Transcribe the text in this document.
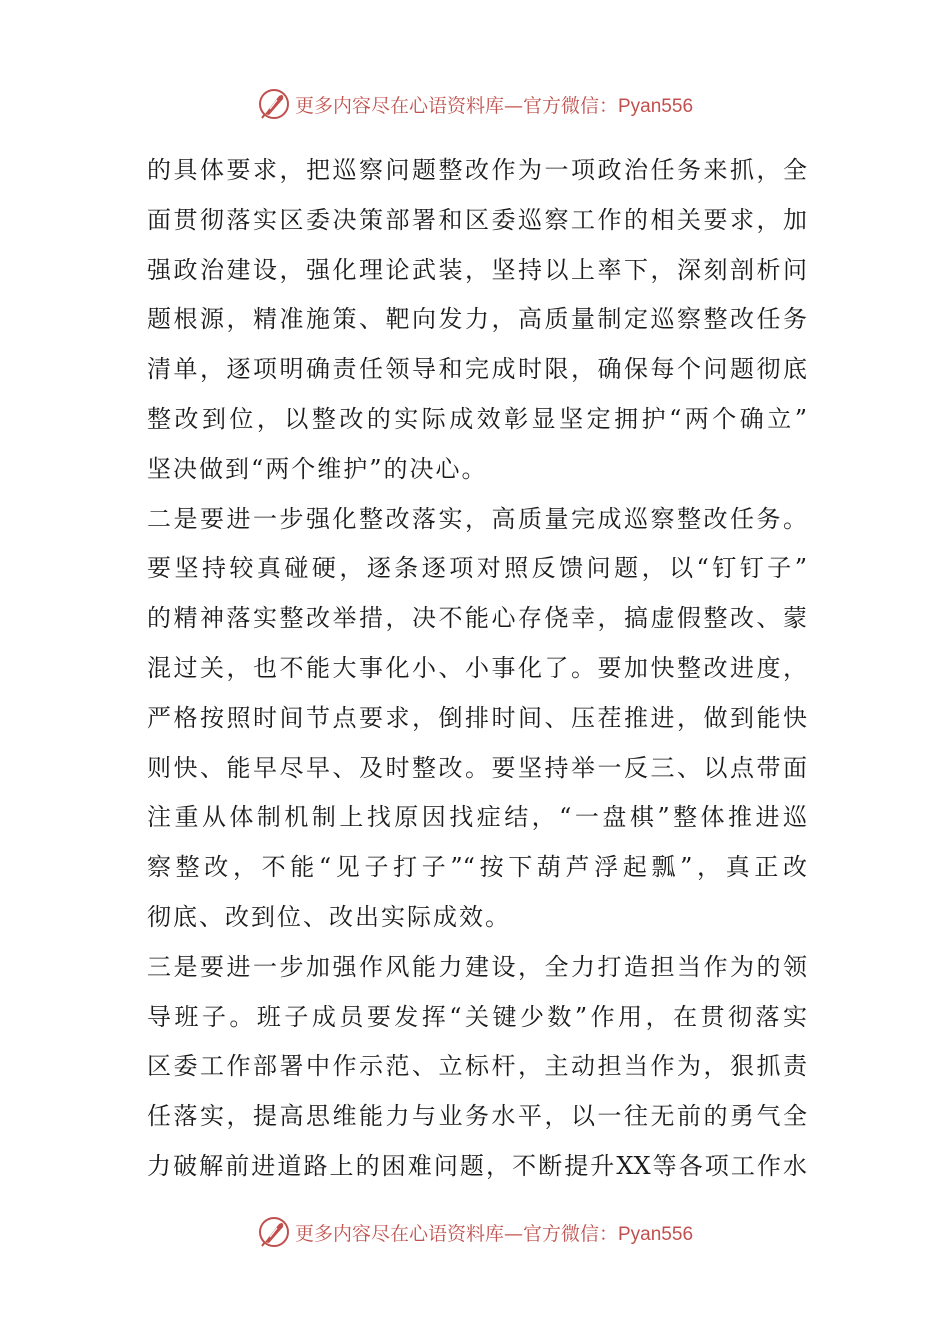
更多内容尽在心语资料库—官方微信：Pyan556
的具体要求，把巡察问题整改作为一项政治任务来抓，全
面贯彻落实区委决策部署和区委巡察工作的相关要求，加
强政治建设，强化理论武装，坚持以上率下，深刻剖析问
题根源，精准施策、靶向发力，高质量制定巡察整改任务
清单，逐项明确责任领导和完成时限，确保每个问题彻底
整改到位，以整改的实际成效彰显坚定拥护“两个确立”
坚决做到“两个维护”的决心。
二是要进一步强化整改落实，高质量完成巡察整改任务。
要坚持较真碰硬，逐条逐项对照反馈问题，以“钉钉子”
的精神落实整改举措，决不能心存侥幸，搞虚假整改、蒙
混过关，也不能大事化小、小事化了。要加快整改进度，
严格按照时间节点要求，倒排时间、压茬推进，做到能快
则快、能早尽早、及时整改。要坚持举一反三、以点带面
注重从体制机制上找原因找症结，“一盘棋”整体推进巡
察整改，不能“见子打子”“按下葫芦浮起瓢”，真正改
彻底、改到位、改出实际成效。
三是要进一步加强作风能力建设，全力打造担当作为的领
导班子。班子成员要发挥“关键少数”作用，在贯彻落实
区委工作部署中作示范、立标杆，主动担当作为，狠抓责
任落实，提高思维能力与业务水平，以一往无前的勇气全
力破解前进道路上的困难问题，不断提升XX等各项工作水
更多内容尽在心语资料库—官方微信：Pyan556
